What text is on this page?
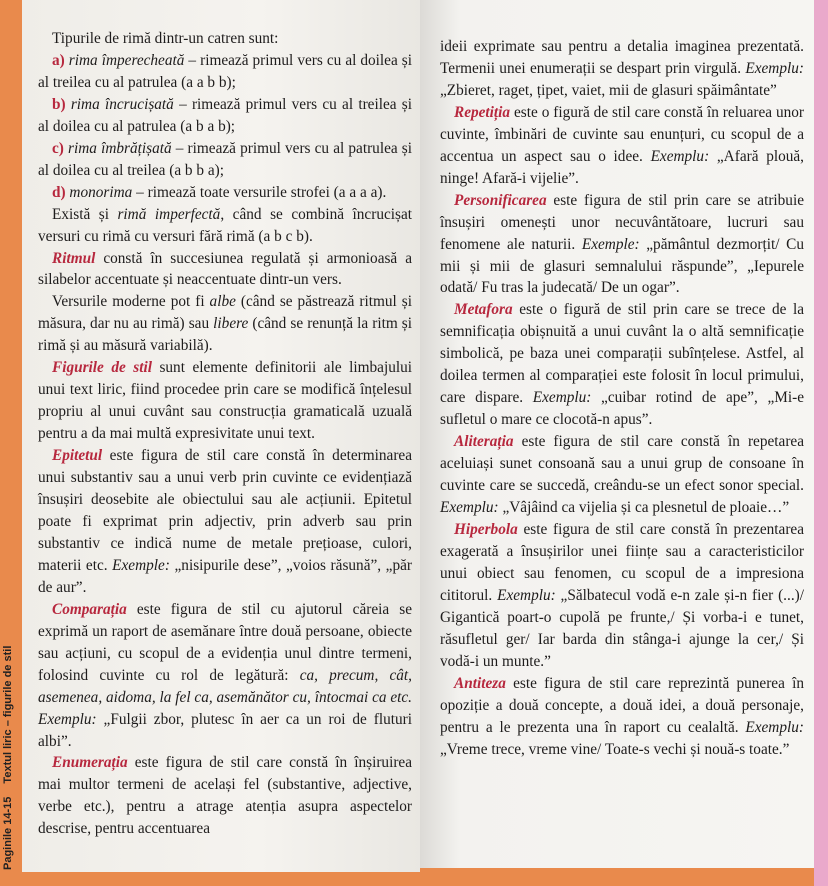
Tipurile de rimă dintr-un catren sunt:

a) rima împerecheată – rimează primul vers cu al doilea și al treilea cu al patrulea (a a b b);

b) rima încrucișată – rimează primul vers cu al treilea și al doilea cu al patrulea (a b a b);

c) rima îmbrățișată – rimează primul vers cu al patrulea și al doilea cu al treilea (a b b a);

d) monorima – rimează toate versurile strofei (a a a a).

Există și rimă imperfectă, când se combină încrucișat versuri cu rimă cu versuri fără rimă (a b c b).

Ritmul constă în succesiunea regulată și armonioasă a silabelor accentuate și neaccentuate dintr-un vers.

Versurile moderne pot fi albe (când se păstrează ritmul și măsura, dar nu au rimă) sau libere (când se renunță la ritm și rimă și au măsură variabilă).

Figurile de stil sunt elemente definitorii ale limbajului unui text liric, fiind procedee prin care se modifică înțelesul propriu al unui cuvânt sau construcția gramaticală uzuală pentru a da mai multă expresivitate unui text.

Epitetul este figura de stil care constă în determinarea unui substantiv sau a unui verb prin cuvinte ce evidențiază însușiri deosebite ale obiectului sau ale acțiunii. Epitetul poate fi exprimat prin adjectiv, prin adverb sau prin substantiv ce indică nume de metale prețioase, culori, materii etc. Exemple: „nisipurile dese”, „voios răsună”, „păr de aur”.

Comparația este figura de stil cu ajutorul căreia se exprimă un raport de asemănare între două persoane, obiecte sau acțiuni, cu scopul de a evidenția unul dintre termeni, folosind cuvinte cu rol de legătură: ca, precum, cât, asemenea, aidoma, la fel ca, asemănător cu, întocmai ca etc. Exemplu: „Fulgii zbor, plutesc în aer ca un roi de fluturi albi”.

Enumerația este figura de stil care constă în înșiruirea mai multor termeni de același fel (substantive, adjective, verbe etc.), pentru a atrage atenția asupra aspectelor descrise, pentru accentuarea

ideii exprimate sau pentru a detalia imaginea prezentată. Termenii unei enumerații se despart prin virgulă. Exemplu: „Zbieret, raget, țipet, vaiet, mii de glasuri spăimântate”

Repetiția este o figură de stil care constă în reluarea unor cuvinte, îmbinări de cuvinte sau enunțuri, cu scopul de a accentua un aspect sau o idee. Exemplu: „Afară plouă, ninge! Afară-i vijelie”.

Personificarea este figura de stil prin care se atribuie însușiri omenești unor necuvântătoare, lucruri sau fenomene ale naturii. Exemple: „pământul dezmorțit/ Cu mii și mii de glasuri semnalului răspunde”, „Iepurele odată/ Fu tras la judecată/ De un ogar”.

Metafora este o figură de stil prin care se trece de la semnificația obișnuită a unui cuvânt la o altă semnificație simbolică, pe baza unei comparații subînțelese. Astfel, al doilea termen al comparației este folosit în locul primului, care dispare. Exemplu: „cuibar rotind de ape”, „Mi-e sufletul o mare ce clocotă-n apus”.

Aliterația este figura de stil care constă în repetarea aceluiași sunet consoană sau a unui grup de consoane în cuvinte care se succedă, creându-se un efect sonor special. Exemplu: „Vâjâind ca vijelia și ca plesnetul de ploaie…”

Hiperbola este figura de stil care constă în prezentarea exagerată a însușirilor unei ființe sau a caracteristicilor unui obiect sau fenomen, cu scopul de a impresiona cititorul. Exemplu: „Sălbatecul vodă e-n zale și-n fier (...)/ Gigantică poart-o cupolă pe frunte,/ Și vorba-i e tunet, răsufletul ger/ Iar barda din stânga-i ajunge la cer,/ Și vodă-i un munte.”

Antiteza este figura de stil care reprezintă punerea în opoziție a două concepte, a două idei, a două personaje, pentru a le prezenta una în raport cu cealaltă. Exemplu: „Vreme trece, vreme vine/ Toate-s vechi și nouă-s toate.”

Paginile 14-15 Textul liric – figurile de stil
